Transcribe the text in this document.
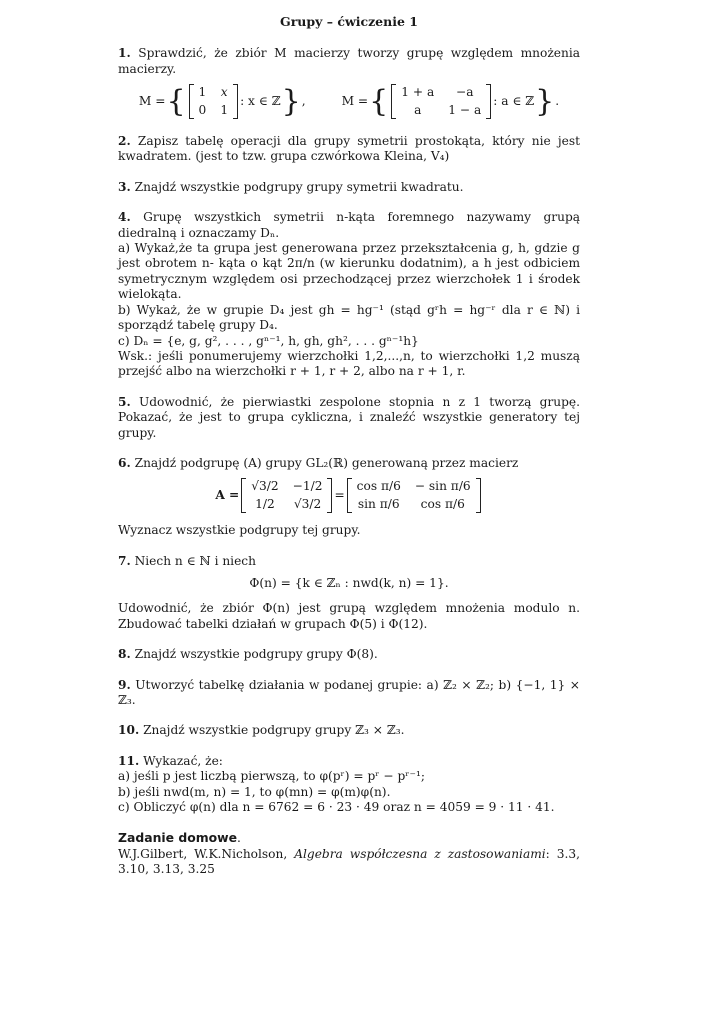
Grupy – ćwiczenie 1

1. Sprawdzić, że zbiór M macierzy tworzy grupę względem mnożenia macierzy.

M = { 1 x
0 1
: x ∈ ℤ } ,	M = { 1 + a	−a
a	1 − a
: a ∈ ℤ } .

2. Zapisz tabelę operacji dla grupy symetrii prostokąta, który nie jest kwadratem. (jest to tzw. grupa czwórkowa Kleina, V₄)

3. Znajdź wszystkie podgrupy grupy symetrii kwadratu.

4. Grupę wszystkich symetrii n-kąta foremnego nazywamy grupą diedralną i oznaczamy Dₙ.

a) Wykaż,że ta grupa jest generowana przez przekształcenia g, h, gdzie g jest obrotem n- kąta o kąt 2π/n (w kierunku dodatnim), a h jest odbiciem symetrycznym względem osi przechodzącej przez wierzchołek 1 i środek wielokąta.

b) Wykaż, że w grupie D₄ jest gh = hg⁻¹ (stąd gʳh = hg⁻ʳ dla r ∈ ℕ) i sporządź tabelę grupy D₄.

c) Dₙ = {e, g, g², . . . , gⁿ⁻¹, h, gh, gh², . . . gⁿ⁻¹h}

Wsk.: jeśli ponumerujemy wierzchołki 1,2,...,n, to wierzchołki 1,2 muszą przejść albo na wierzchołki r + 1, r + 2, albo na r + 1, r.

5. Udowodnić, że pierwiastki zespolone stopnia n z 1 tworzą grupę. Pokazać, że jest to grupa cykliczna, i znaleźć wszystkie generatory tej grupy.

6. Znajdź podgrupę (A) grupy GL₂(ℝ) generowaną przez macierz

A =
√3/2 −1/2
1/2	√3/2
=
cos π/6 − sin π/6
sin π/6	cos π/6

Wyznacz wszystkie podgrupy tej grupy.

7. Niech n ∈ ℕ i niech

Φ(n) = {k ∈ ℤₙ : nwd(k, n) = 1}.

Udowodnić, że zbiór Φ(n) jest grupą względem mnożenia modulo n. Zbudować tabelki działań w grupach Φ(5) i Φ(12).

8. Znajdź wszystkie podgrupy grupy Φ(8).

9. Utworzyć tabelkę działania w podanej grupie: a) ℤ₂ × ℤ₂; b) {−1, 1} × ℤ₃.

10. Znajdź wszystkie podgrupy grupy ℤ₃ × ℤ₃.

11. Wykazać, że:

a) jeśli p jest liczbą pierwszą, to φ(pʳ) = pʳ − pʳ⁻¹;

b) jeśli nwd(m, n) = 1, to φ(mn) = φ(m)φ(n).

c) Obliczyć φ(n) dla n = 6762 = 6 · 23 · 49 oraz n = 4059 = 9 · 11 · 41.

Zadanie domowe.

W.J.Gilbert, W.K.Nicholson, Algebra współczesna z zastosowaniami: 3.3, 3.10, 3.13, 3.25
